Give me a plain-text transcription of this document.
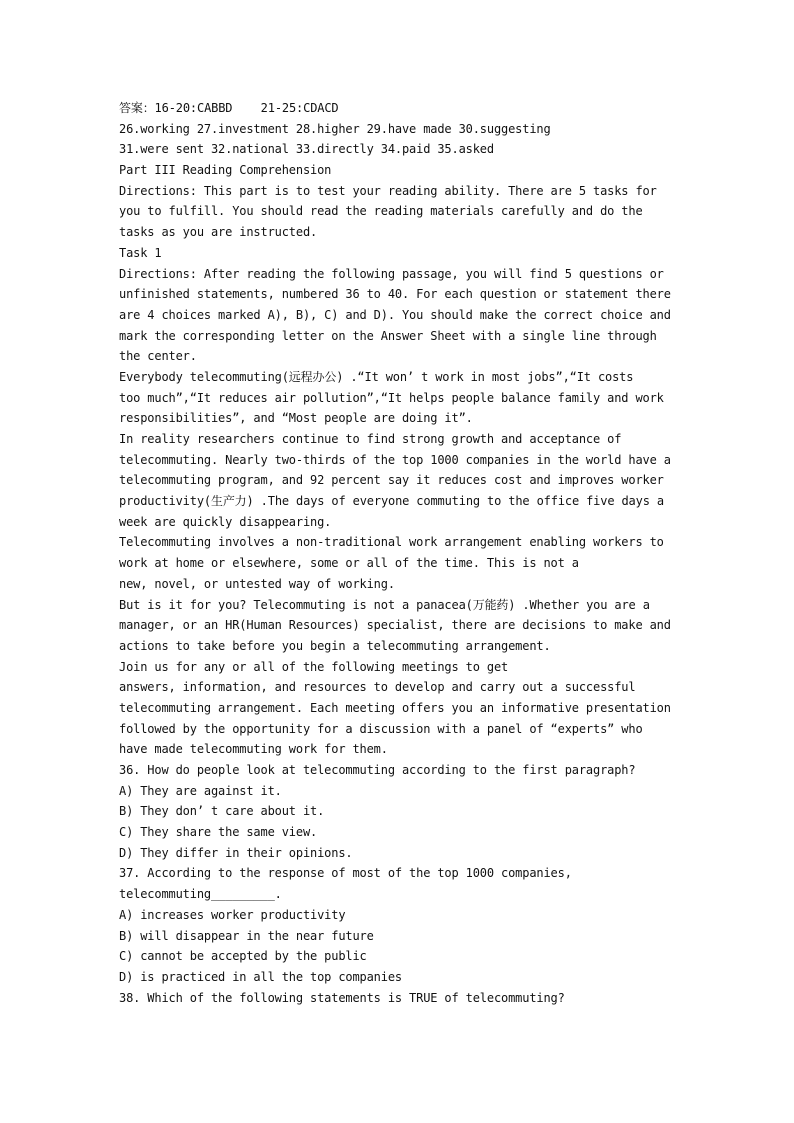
答案：16-20:CABBD    21-25:CDACD
26.working 27.investment 28.higher 29.have made 30.suggesting
31.were sent 32.national 33.directly 34.paid 35.asked
Part III Reading Comprehension
Directions: This part is to test your reading ability. There are 5 tasks for
you to fulfill. You should read the reading materials carefully and do the
tasks as you are instructed.
Task 1
Directions: After reading the following passage, you will find 5 questions or
unfinished statements, numbered 36 to 40. For each question or statement there
are 4 choices marked A), B), C) and D). You should make the correct choice and
mark the corresponding letter on the Answer Sheet with a single line through
the center.
Everybody telecommuting(远程办公) .“It won’ t work in most jobs”,“It costs
too much”,“It reduces air pollution”,“It helps people balance family and work
responsibilities”, and “Most people are doing it”.
In reality researchers continue to find strong growth and acceptance of
telecommuting. Nearly two-thirds of the top 1000 companies in the world have a
telecommuting program, and 92 percent say it reduces cost and improves worker
productivity(生产力) .The days of everyone commuting to the office five days a
week are quickly disappearing.
Telecommuting involves a non-traditional work arrangement enabling workers to
work at home or elsewhere, some or all of the time. This is not a
new, novel, or untested way of working.
But is it for you? Telecommuting is not a panacea(万能药) .Whether you are a
manager, or an HR(Human Resources) specialist, there are decisions to make and
actions to take before you begin a telecommuting arrangement.
Join us for any or all of the following meetings to get
answers, information, and resources to develop and carry out a successful
telecommuting arrangement. Each meeting offers you an informative presentation
followed by the opportunity for a discussion with a panel of “experts” who
have made telecommuting work for them.
36. How do people look at telecommuting according to the first paragraph?
A) They are against it.
B) They don’ t care about it.
C) They share the same view.
D) They differ in their opinions.
37. According to the response of most of the top 1000 companies,
telecommuting_________.
A) increases worker productivity
B) will disappear in the near future
C) cannot be accepted by the public
D) is practiced in all the top companies
38. Which of the following statements is TRUE of telecommuting?
